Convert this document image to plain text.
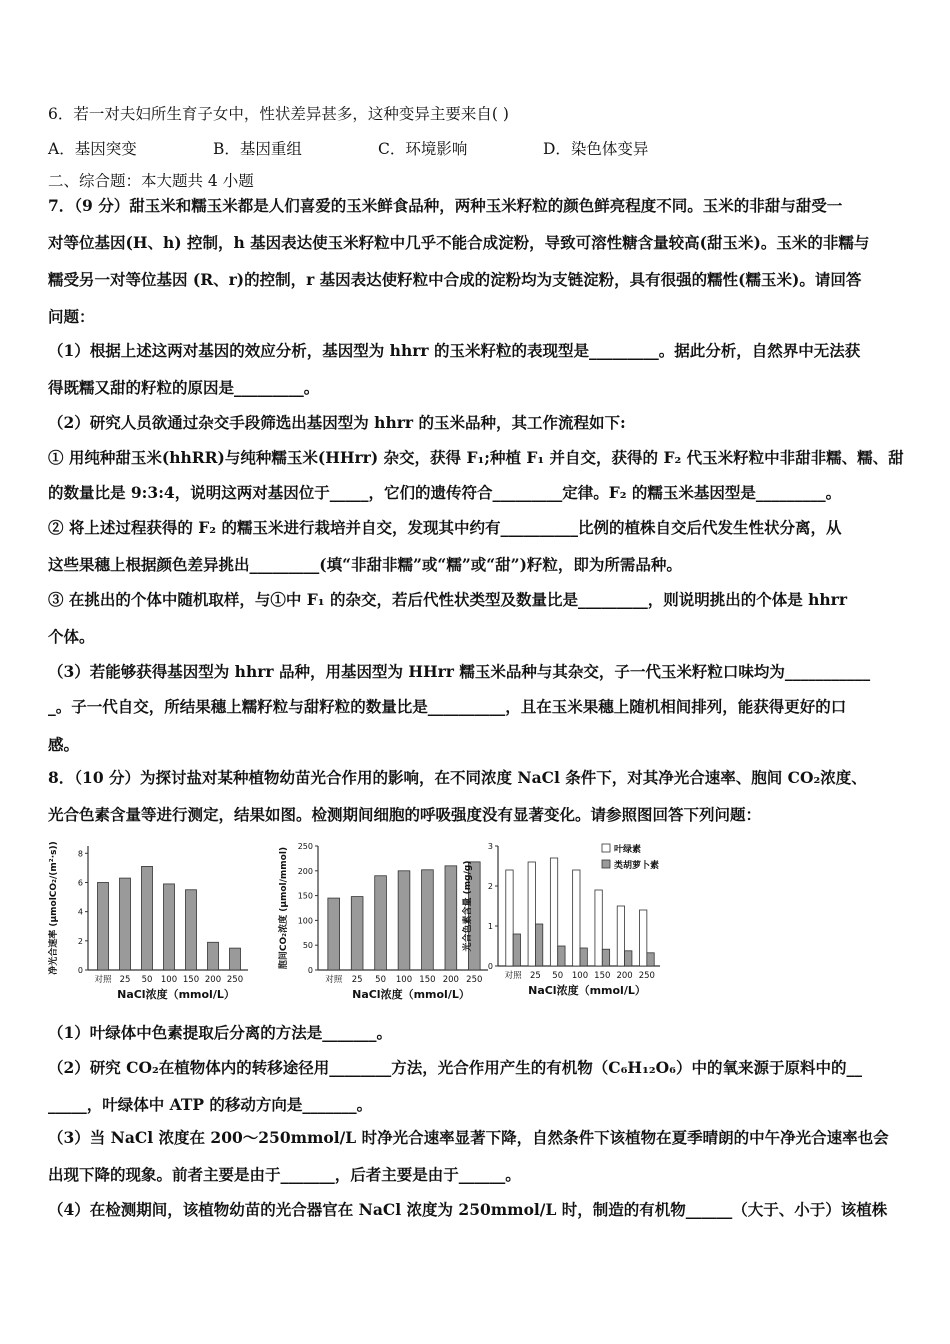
6．若一对夫妇所生育子女中，性状差异甚多，这种变异主要来自( )
A．基因突变	B．基因重组	C．环境影响	D．染色体变异
二、综合题：本大题共 4 小题
7．（9 分）甜玉米和糯玉米都是人们喜爱的玉米鲜食品种，两种玉米籽粒的颜色鲜亮程度不同。玉米的非甜与甜受一
对等位基因(H、h) 控制，h 基因表达使玉米籽粒中几乎不能合成淀粉，导致可溶性糖含量较高(甜玉米)。玉米的非糯与
糯受另一对等位基因 (R、r)的控制，r 基因表达使籽粒中合成的淀粉均为支链淀粉，具有很强的糯性(糯玉米)。请回答
问题：
（1）根据上述这两对基因的效应分析，基因型为 hhrr 的玉米籽粒的表现型是_________。据此分析，自然界中无法获
得既糯又甜的籽粒的原因是_________。
（2）研究人员欲通过杂交手段筛选出基因型为 hhrr 的玉米品种，其工作流程如下:
① 用纯种甜玉米(hhRR)与纯种糯玉米(HHrr) 杂交，获得 F₁;种植 F₁ 并自交，获得的 F₂ 代玉米籽粒中非甜非糯、糯、甜
的数量比是 9:3:4，说明这两对基因位于_____，它们的遗传符合_________定律。F₂ 的糯玉米基因型是_________。
② 将上述过程获得的 F₂ 的糯玉米进行栽培并自交，发现其中约有__________比例的植株自交后代发生性状分离，从
这些果穗上根据颜色差异挑出_________(填“非甜非糯”或“糯”或“甜”)籽粒，即为所需品种。
③ 在挑出的个体中随机取样，与①中 F₁ 的杂交，若后代性状类型及数量比是_________，则说明挑出的个体是 hhrr
个体。
（3）若能够获得基因型为 hhrr 品种，用基因型为 HHrr 糯玉米品种与其杂交，子一代玉米籽粒口味均为___________
_。子一代自交，所结果穗上糯籽粒与甜籽粒的数量比是__________，且在玉米果穗上随机相间排列，能获得更好的口
感。
8．（10 分）为探讨盐对某种植物幼苗光合作用的影响，在不同浓度 NaCl 条件下，对其净光合速率、胞间 CO₂浓度、
光合色素含量等进行测定，结果如图。检测期间细胞的呼吸强度没有显著变化。请参照图回答下列问题：
0
2
4
6
8
对照 25 50 100 150 200 250
NaCl浓度（mmol/L）
净光合速率 (μmolCO₂/(m²·s))	0
50
100
150
200
250
对照 25 50 100 150 200 250
NaCl浓度（mmol/L）
胞间CO₂浓度 (μmol/mmol)	0
1
2
3
对照 25 50 100 150 200 250
NaCl浓度（mmol/L）
光合色素含量 (mg/g)
叶绿素
类胡萝卜素
（1）叶绿体中色素提取后分离的方法是_______。
（2）研究 CO₂在植物体内的转移途径用________方法，光合作用产生的有机物（C₆H₁₂O₆）中的氧来源于原料中的__
_____，叶绿体中 ATP 的移动方向是_______。
（3）当 NaCl 浓度在 200～250mmol/L 时净光合速率显著下降，自然条件下该植物在夏季晴朗的中午净光合速率也会
出现下降的现象。前者主要是由于_______，后者主要是由于______。
（4）在检测期间，该植物幼苗的光合器官在 NaCl 浓度为 250mmol/L 时，制造的有机物______（大于、小于）该植株
